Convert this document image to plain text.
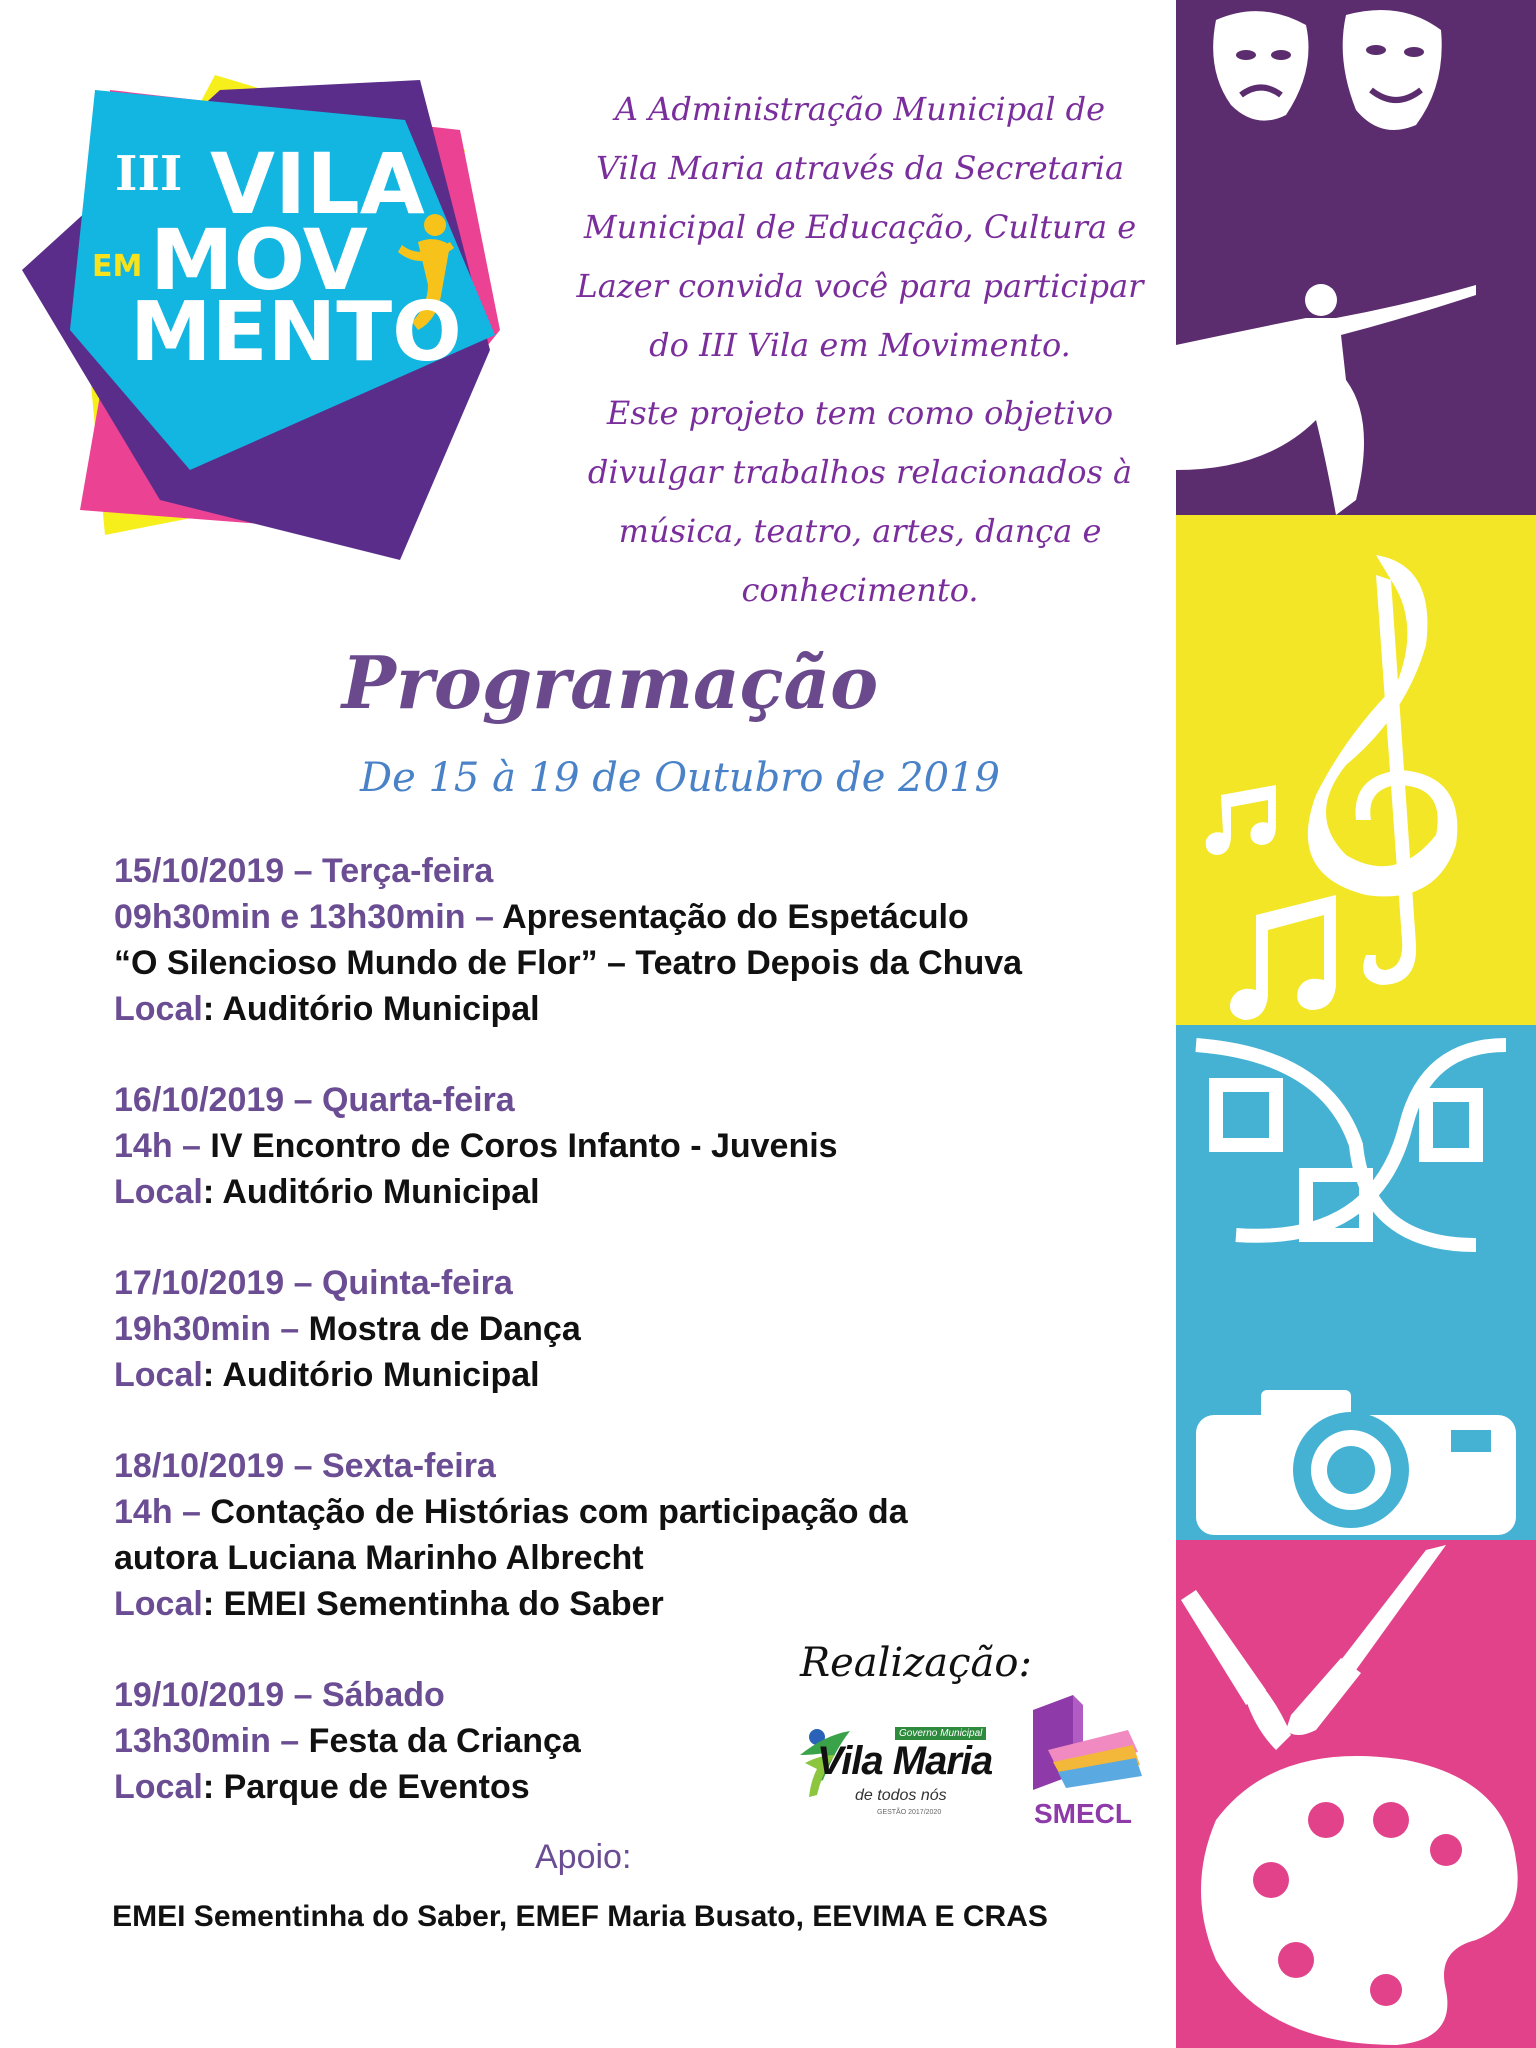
III VILA
EM MOV
MENTO
A Administração Municipal de
Vila Maria através da Secretaria
Municipal de Educação, Cultura e
Lazer convida você para participar
do III Vila em Movimento.
Este projeto tem como objetivo
divulgar trabalhos relacionados à
música, teatro, artes, dança e
conhecimento.
Programação
De 15 à 19 de Outubro de 2019
15/10/2019 – Terça-feira
09h30min e 13h30min – Apresentação do Espetáculo
“O Silencioso Mundo de Flor” – Teatro Depois da Chuva
Local: Auditório Municipal
16/10/2019 – Quarta-feira
14h – IV Encontro de Coros Infanto - Juvenis
Local: Auditório Municipal
17/10/2019 – Quinta-feira
19h30min – Mostra de Dança
Local: Auditório Municipal
18/10/2019 – Sexta-feira
14h – Contação de Histórias com participação da
autora Luciana Marinho Albrecht
Local: EMEI Sementinha do Saber
19/10/2019 – Sábado
13h30min – Festa da Criança
Local: Parque de Eventos
Realização:
Governo Municipal
Vila Maria
de todos nós
GESTÃO 2017/2020	SMECL
Apoio:
EMEI Sementinha do Saber, EMEF Maria Busato, EEVIMA E CRAS
